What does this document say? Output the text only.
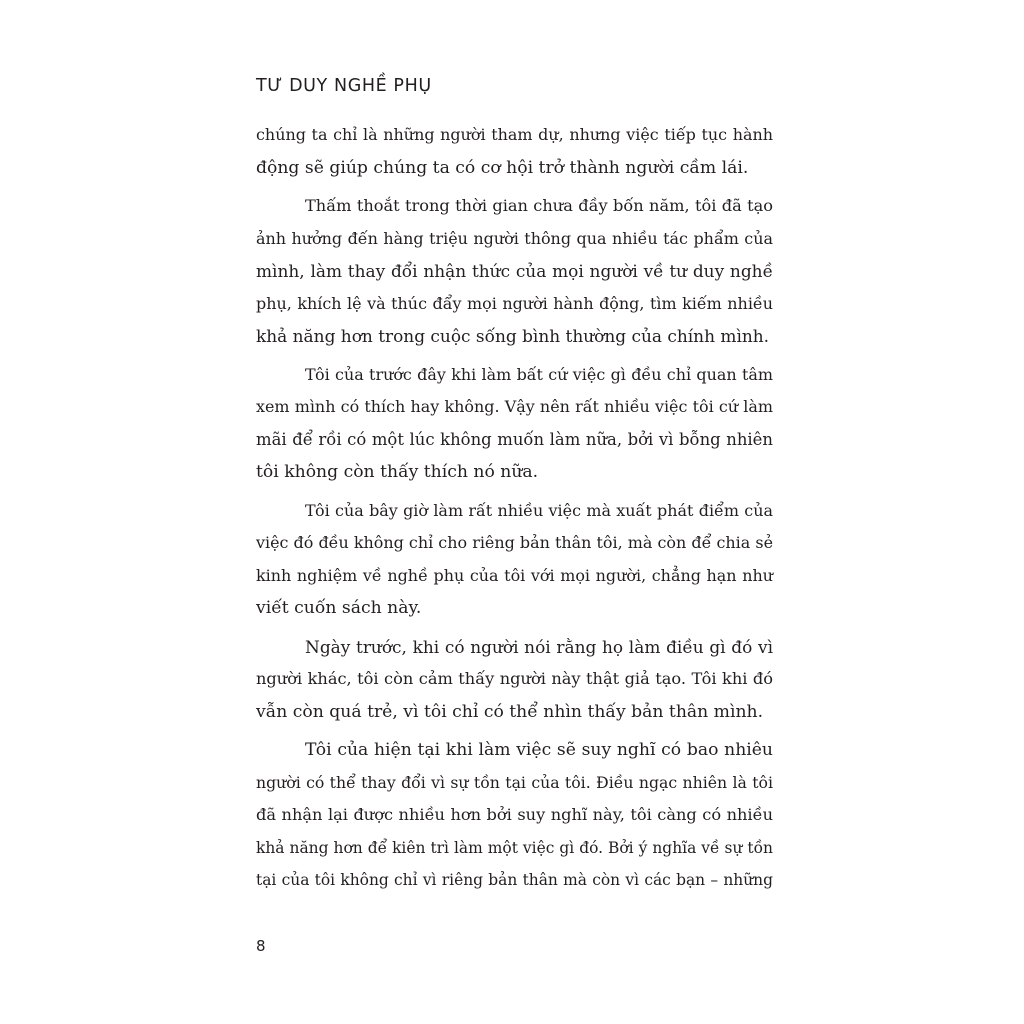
TƯ DUY NGHỀ PHỤ

chúng ta chỉ là những người tham dự, nhưng việc tiếp tục hành
động sẽ giúp chúng ta có cơ hội trở thành người cầm lái.

Thấm thoắt trong thời gian chưa đầy bốn năm, tôi đã tạo
ảnh hưởng đến hàng triệu người thông qua nhiều tác phẩm của
mình, làm thay đổi nhận thức của mọi người về tư duy nghề
phụ, khích lệ và thúc đẩy mọi người hành động, tìm kiếm nhiều
khả năng hơn trong cuộc sống bình thường của chính mình.

Tôi của trước đây khi làm bất cứ việc gì đều chỉ quan tâm
xem mình có thích hay không. Vậy nên rất nhiều việc tôi cứ làm
mãi để rồi có một lúc không muốn làm nữa, bởi vì bỗng nhiên
tôi không còn thấy thích nó nữa.

Tôi của bây giờ làm rất nhiều việc mà xuất phát điểm của
việc đó đều không chỉ cho riêng bản thân tôi, mà còn để chia sẻ
kinh nghiệm về nghề phụ của tôi với mọi người, chẳng hạn như
viết cuốn sách này.

Ngày trước, khi có người nói rằng họ làm điều gì đó vì
người khác, tôi còn cảm thấy người này thật giả tạo. Tôi khi đó
vẫn còn quá trẻ, vì tôi chỉ có thể nhìn thấy bản thân mình.

Tôi của hiện tại khi làm việc sẽ suy nghĩ có bao nhiêu
người có thể thay đổi vì sự tồn tại của tôi. Điều ngạc nhiên là tôi
đã nhận lại được nhiều hơn bởi suy nghĩ này, tôi càng có nhiều
khả năng hơn để kiên trì làm một việc gì đó. Bởi ý nghĩa về sự tồn
tại của tôi không chỉ vì riêng bản thân mà còn vì các bạn – những

8
